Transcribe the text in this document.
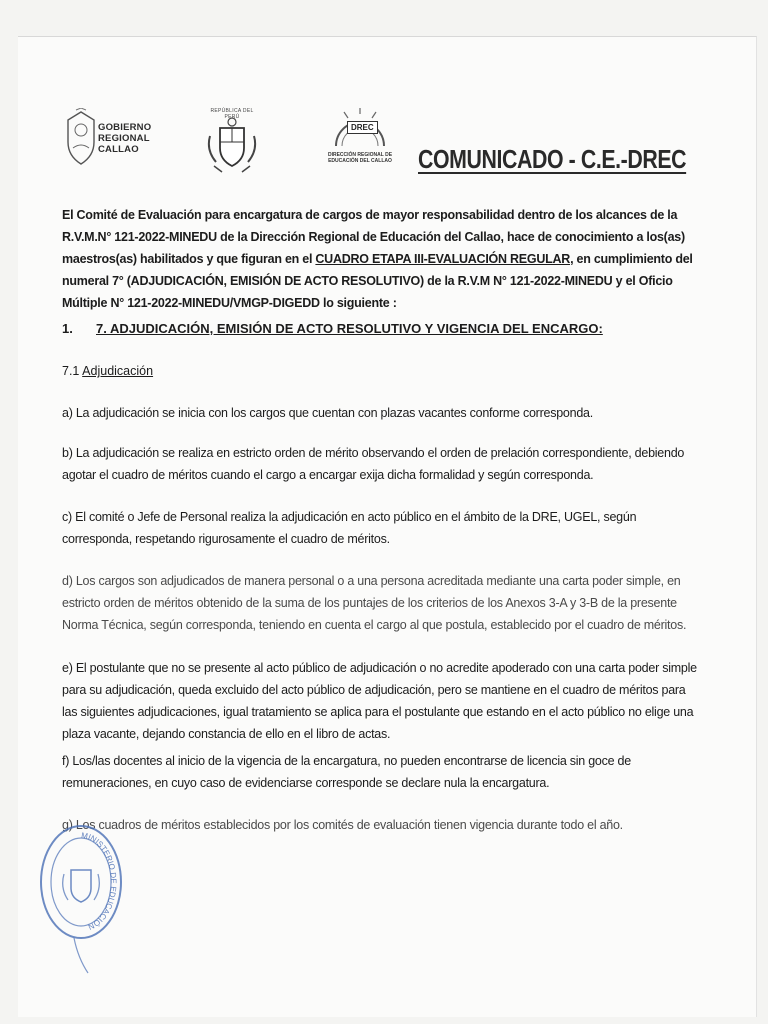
GOBIERNO
REGIONAL
CALLAO
REPÚBLICA DEL PERÚ
DREC
DIRECCIÓN REGIONAL DE
EDUCACIÓN DEL CALLAO COMUNICADO - C.E.-DREC
El Comité de Evaluación para encargatura de cargos de mayor responsabilidad dentro de los alcances de la R.V.M.N° 121-2022-MINEDU de la Dirección Regional de Educación del Callao, hace de conocimiento a los(as) maestros(as) habilitados y que figuran en el CUADRO ETAPA III-EVALUACIÓN REGULAR, en cumplimiento del numeral 7° (ADJUDICACIÓN, EMISIÓN DE ACTO RESOLUTIVO) de la R.V.M N° 121-2022-MINEDU y el Oficio Múltiple N° 121-2022-MINEDU/VMGP-DIGEDD lo siguiente :
1. 7. ADJUDICACIÓN, EMISIÓN DE ACTO RESOLUTIVO Y VIGENCIA DEL ENCARGO:
7.1 Adjudicación
a) La adjudicación se inicia con los cargos que cuentan con plazas vacantes conforme corresponda.
b) La adjudicación se realiza en estricto orden de mérito observando el orden de prelación correspondiente, debiendo agotar el cuadro de méritos cuando el cargo a encargar exija dicha formalidad y según corresponda.
c) El comité o Jefe de Personal realiza la adjudicación en acto público en el ámbito de la DRE, UGEL, según corresponda, respetando rigurosamente el cuadro de méritos.
d) Los cargos son adjudicados de manera personal o a una persona acreditada mediante una carta poder simple, en estricto orden de méritos obtenido de la suma de los puntajes de los criterios de los Anexos 3-A y 3-B de la presente Norma Técnica, según corresponda, teniendo en cuenta el cargo al que postula, establecido por el cuadro de méritos.
e) El postulante que no se presente al acto público de adjudicación o no acredite apoderado con una carta poder simple para su adjudicación, queda excluido del acto público de adjudicación, pero se mantiene en el cuadro de méritos para las siguientes adjudicaciones, igual tratamiento se aplica para el postulante que estando en el acto público no elige una plaza vacante, dejando constancia de ello en el libro de actas.
f) Los/las docentes al inicio de la vigencia de la encargatura, no pueden encontrarse de licencia sin goce de remuneraciones, en cuyo caso de evidenciarse corresponde se declare nula la encargatura.
g) Los cuadros de méritos establecidos por los comités de evaluación tienen vigencia durante todo el año.
MINISTERIO DE EDUCACIÓN
